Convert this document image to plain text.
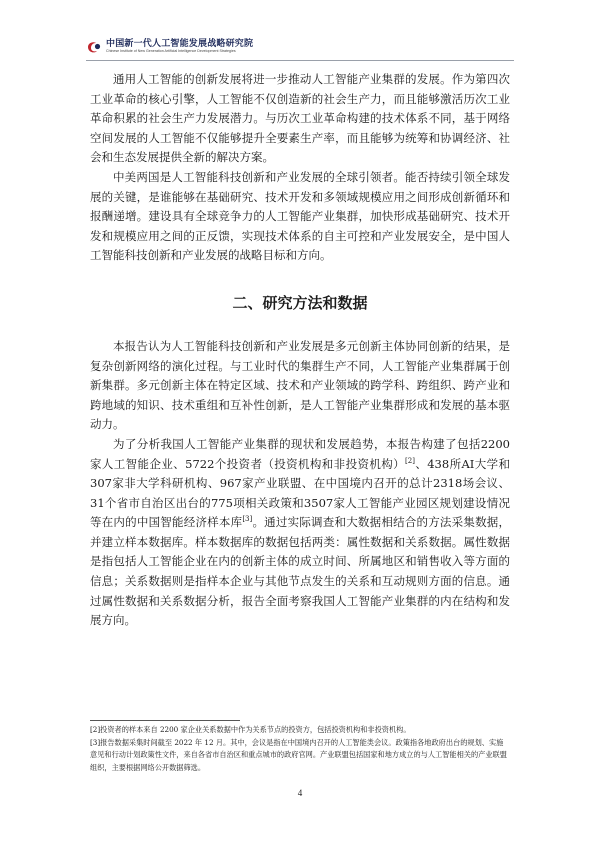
中国新一代人工智能发展战略研究院
Chinese Institute of New Generation Artificial Intelligence Development Strategies

通用人工智能的创新发展将进一步推动人工智能产业集群的发展。作为第四次工业革命的核心引擎，人工智能不仅创造新的社会生产力，而且能够激活历次工业革命积累的社会生产力发展潜力。与历次工业革命构建的技术体系不同，基于网络空间发展的人工智能不仅能够提升全要素生产率，而且能够为统筹和协调经济、社会和生态发展提供全新的解决方案。

中美两国是人工智能科技创新和产业发展的全球引领者。能否持续引领全球发展的关键，是谁能够在基础研究、技术开发和多领域规模应用之间形成创新循环和报酬递增。建设具有全球竞争力的人工智能产业集群，加快形成基础研究、技术开发和规模应用之间的正反馈，实现技术体系的自主可控和产业发展安全，是中国人工智能科技创新和产业发展的战略目标和方向。

二、研究方法和数据

本报告认为人工智能科技创新和产业发展是多元创新主体协同创新的结果，是复杂创新网络的演化过程。与工业时代的集群生产不同，人工智能产业集群属于创新集群。多元创新主体在特定区域、技术和产业领域的跨学科、跨组织、跨产业和跨地域的知识、技术重组和互补性创新，是人工智能产业集群形成和发展的基本驱动力。

为了分析我国人工智能产业集群的现状和发展趋势，本报告构建了包括2200家人工智能企业、5722个投资者（投资机构和非投资机构）[2]、438所AI大学和307家非大学科研机构、967家产业联盟、在中国境内召开的总计2318场会议、31个省市自治区出台的775项相关政策和3507家人工智能产业园区规划建设情况等在内的中国智能经济样本库[3]。通过实际调查和大数据相结合的方法采集数据，并建立样本数据库。样本数据库的数据包括两类：属性数据和关系数据。属性数据是指包括人工智能企业在内的创新主体的成立时间、所属地区和销售收入等方面的信息；关系数据则是指样本企业与其他节点发生的关系和互动规则方面的信息。通过属性数据和关系数据分析，报告全面考察我国人工智能产业集群的内在结构和发展方向。

[2]投资者的样本来自 2200 家企业关系数据中作为关系节点的投资方，包括投资机构和非投资机构。

[3]报告数据采集时间截至 2022 年 12 月。其中，会议是指在中国境内召开的人工智能类会议。政策指各地政府出台的规划、实施意见和行动计划政策性文件，来自各省市自治区和重点城市的政府官网。产业联盟包括国家和地方成立的与人工智能相关的产业联盟组织，主要根据网络公开数据筛选。

4
